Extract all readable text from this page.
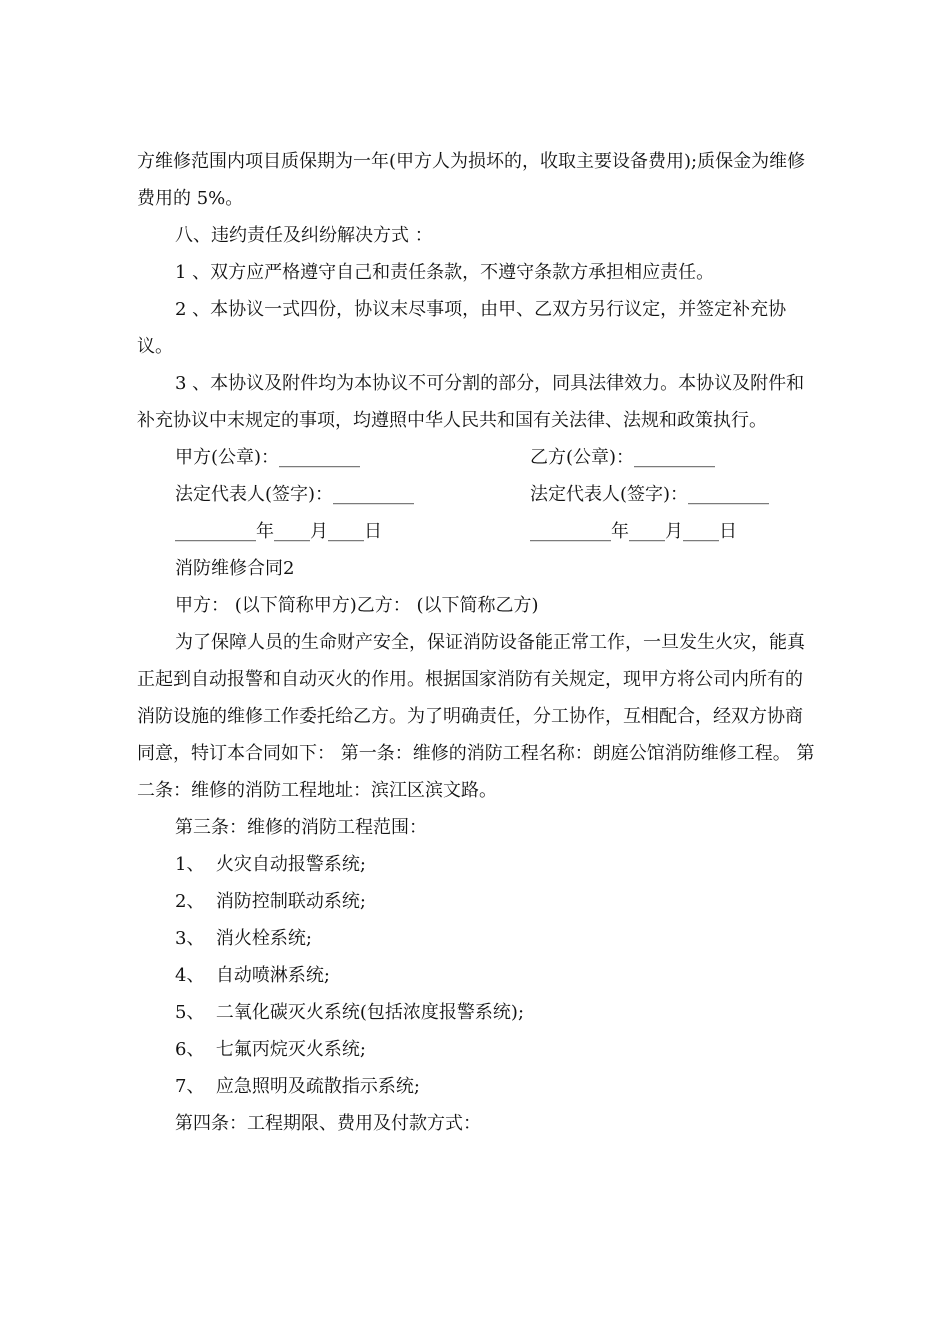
方维修范围内项目质保期为一年(甲方人为损坏的，收取主要设备费用);质保金为维修费用的 5%。

八、违约责任及纠纷解决方式 ：

1 、双方应严格遵守自己和责任条款，不遵守条款方承担相应责任。

2 、本协议一式四份，协议末尽事项，由甲、乙双方另行议定，并签定补充协议。

3 、本协议及附件均为本协议不可分割的部分，同具法律效力。本协议及附件和补充协议中末规定的事项，均遵照中华人民共和国有关法律、法规和政策执行。

甲方(公章)：_________	乙方(公章)：_________
法定代表人(签字)：_________	法定代表人(签字)：_________
_________年____月____日	_________年____月____日
消防维修合同2
甲方： (以下简称甲方)乙方： (以下简称乙方)

为了保障人员的生命财产安全，保证消防设备能正常工作，一旦发生火灾，能真正起到自动报警和自动灭火的作用。根据国家消防有关规定，现甲方将公司内所有的消防设施的维修工作委托给乙方。为了明确责任，分工协作，互相配合，经双方协商同意，特订本合同如下： 第一条：维修的消防工程名称：朗庭公馆消防维修工程。 第二条：维修的消防工程地址：滨江区滨文路。

第三条：维修的消防工程范围：
1、  火灾自动报警系统;
2、  消防控制联动系统;
3、  消火栓系统;
4、  自动喷淋系统;
5、  二氧化碳灭火系统(包括浓度报警系统);
6、  七氟丙烷灭火系统;
7、  应急照明及疏散指示系统;
第四条：工程期限、费用及付款方式：
